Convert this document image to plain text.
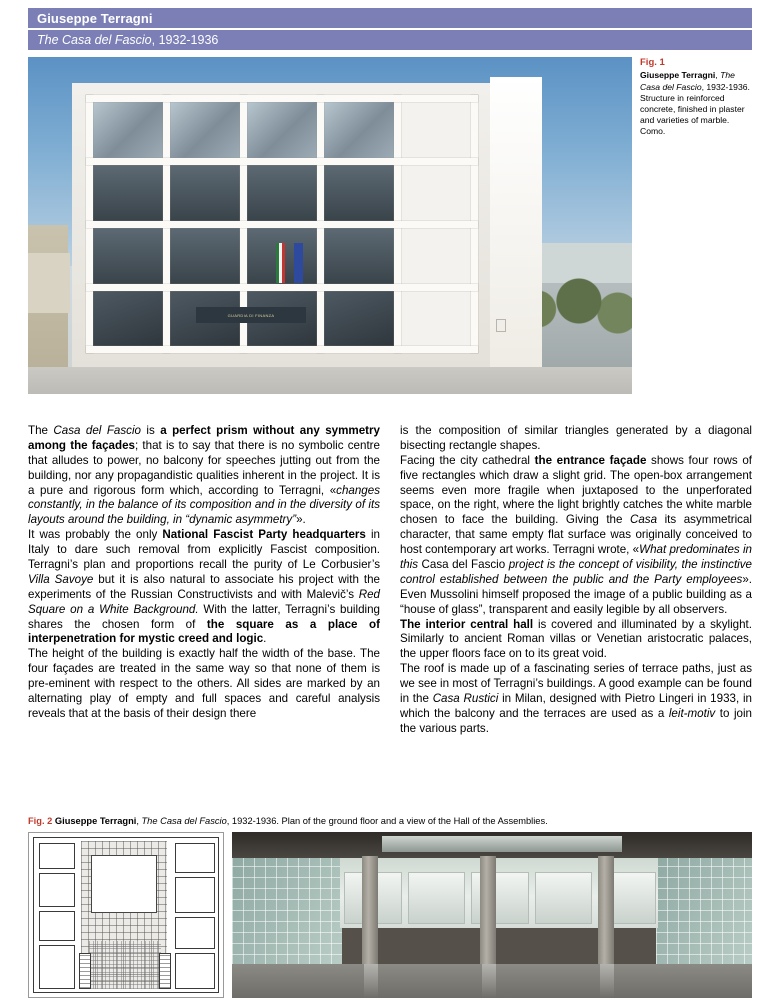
Giuseppe Terragni
The Casa del Fascio, 1932-1936
GUARDIA DI FINANZA
Fig. 1
Giuseppe Terragni, The Casa del Fascio, 1932-1936. Structure in reinforced concrete, finished in plaster and varieties of marble. Como.

The Casa del Fascio is a perfect prism without any symmetry among the façades; that is to say that there is no symbolic centre that alludes to power, no balcony for speeches jutting out from the building, nor any propagandistic qualities inherent in the project. It is a pure and rigorous form which, according to Terragni, «changes constantly, in the balance of its composition and in the diversity of its layouts around the building, in “dynamic asymmetry”».

It was probably the only National Fascist Party headquarters in Italy to dare such removal from explicitly Fascist composition. Terragni’s plan and proportions recall the purity of Le Corbusier’s Villa Savoye but it is also natural to associate his project with the experiments of the Russian Constructivists and with Malevič’s Red Square on a White Background. With the latter, Terragni’s building shares the chosen form of the square as a place of interpenetration for mystic creed and logic.

The height of the building is exactly half the width of the base. The four façades are treated in the same way so that none of them is pre-eminent with respect to the others. All sides are marked by an alternating play of empty and full spaces and careful analysis reveals that at the basis of their design there

is the composition of similar triangles generated by a diagonal bisecting rectangle shapes.

Facing the city cathedral the entrance façade shows four rows of five rectangles which draw a slight grid. The open-box arrangement seems even more fragile when juxtaposed to the unperforated space, on the right, where the light brightly catches the white marble chosen to face the building. Giving the Casa its asymmetrical character, that same empty flat surface was originally conceived to host contemporary art works. Terragni wrote, «What predominates in this Casa del Fascio project is the concept of visibility, the instinctive control established between the public and the Party employees». Even Mussolini himself proposed the image of a public building as a “house of glass”, transparent and easily legible by all observers.

The interior central hall is covered and illuminated by a skylight. Similarly to ancient Roman villas or Venetian aristocratic palaces, the upper floors face on to its great void.

The roof is made up of a fascinating series of terrace paths, just as we see in most of Terragni’s buildings. A good example can be found in the Casa Rustici in Milan, designed with Pietro Lingeri in 1933, in which the balcony and the terraces are used as a leit-motiv to join the various parts.

Fig. 2 Giuseppe Terragni, The Casa del Fascio, 1932-1936. Plan of the ground floor and a view of the Hall of the Assemblies.
